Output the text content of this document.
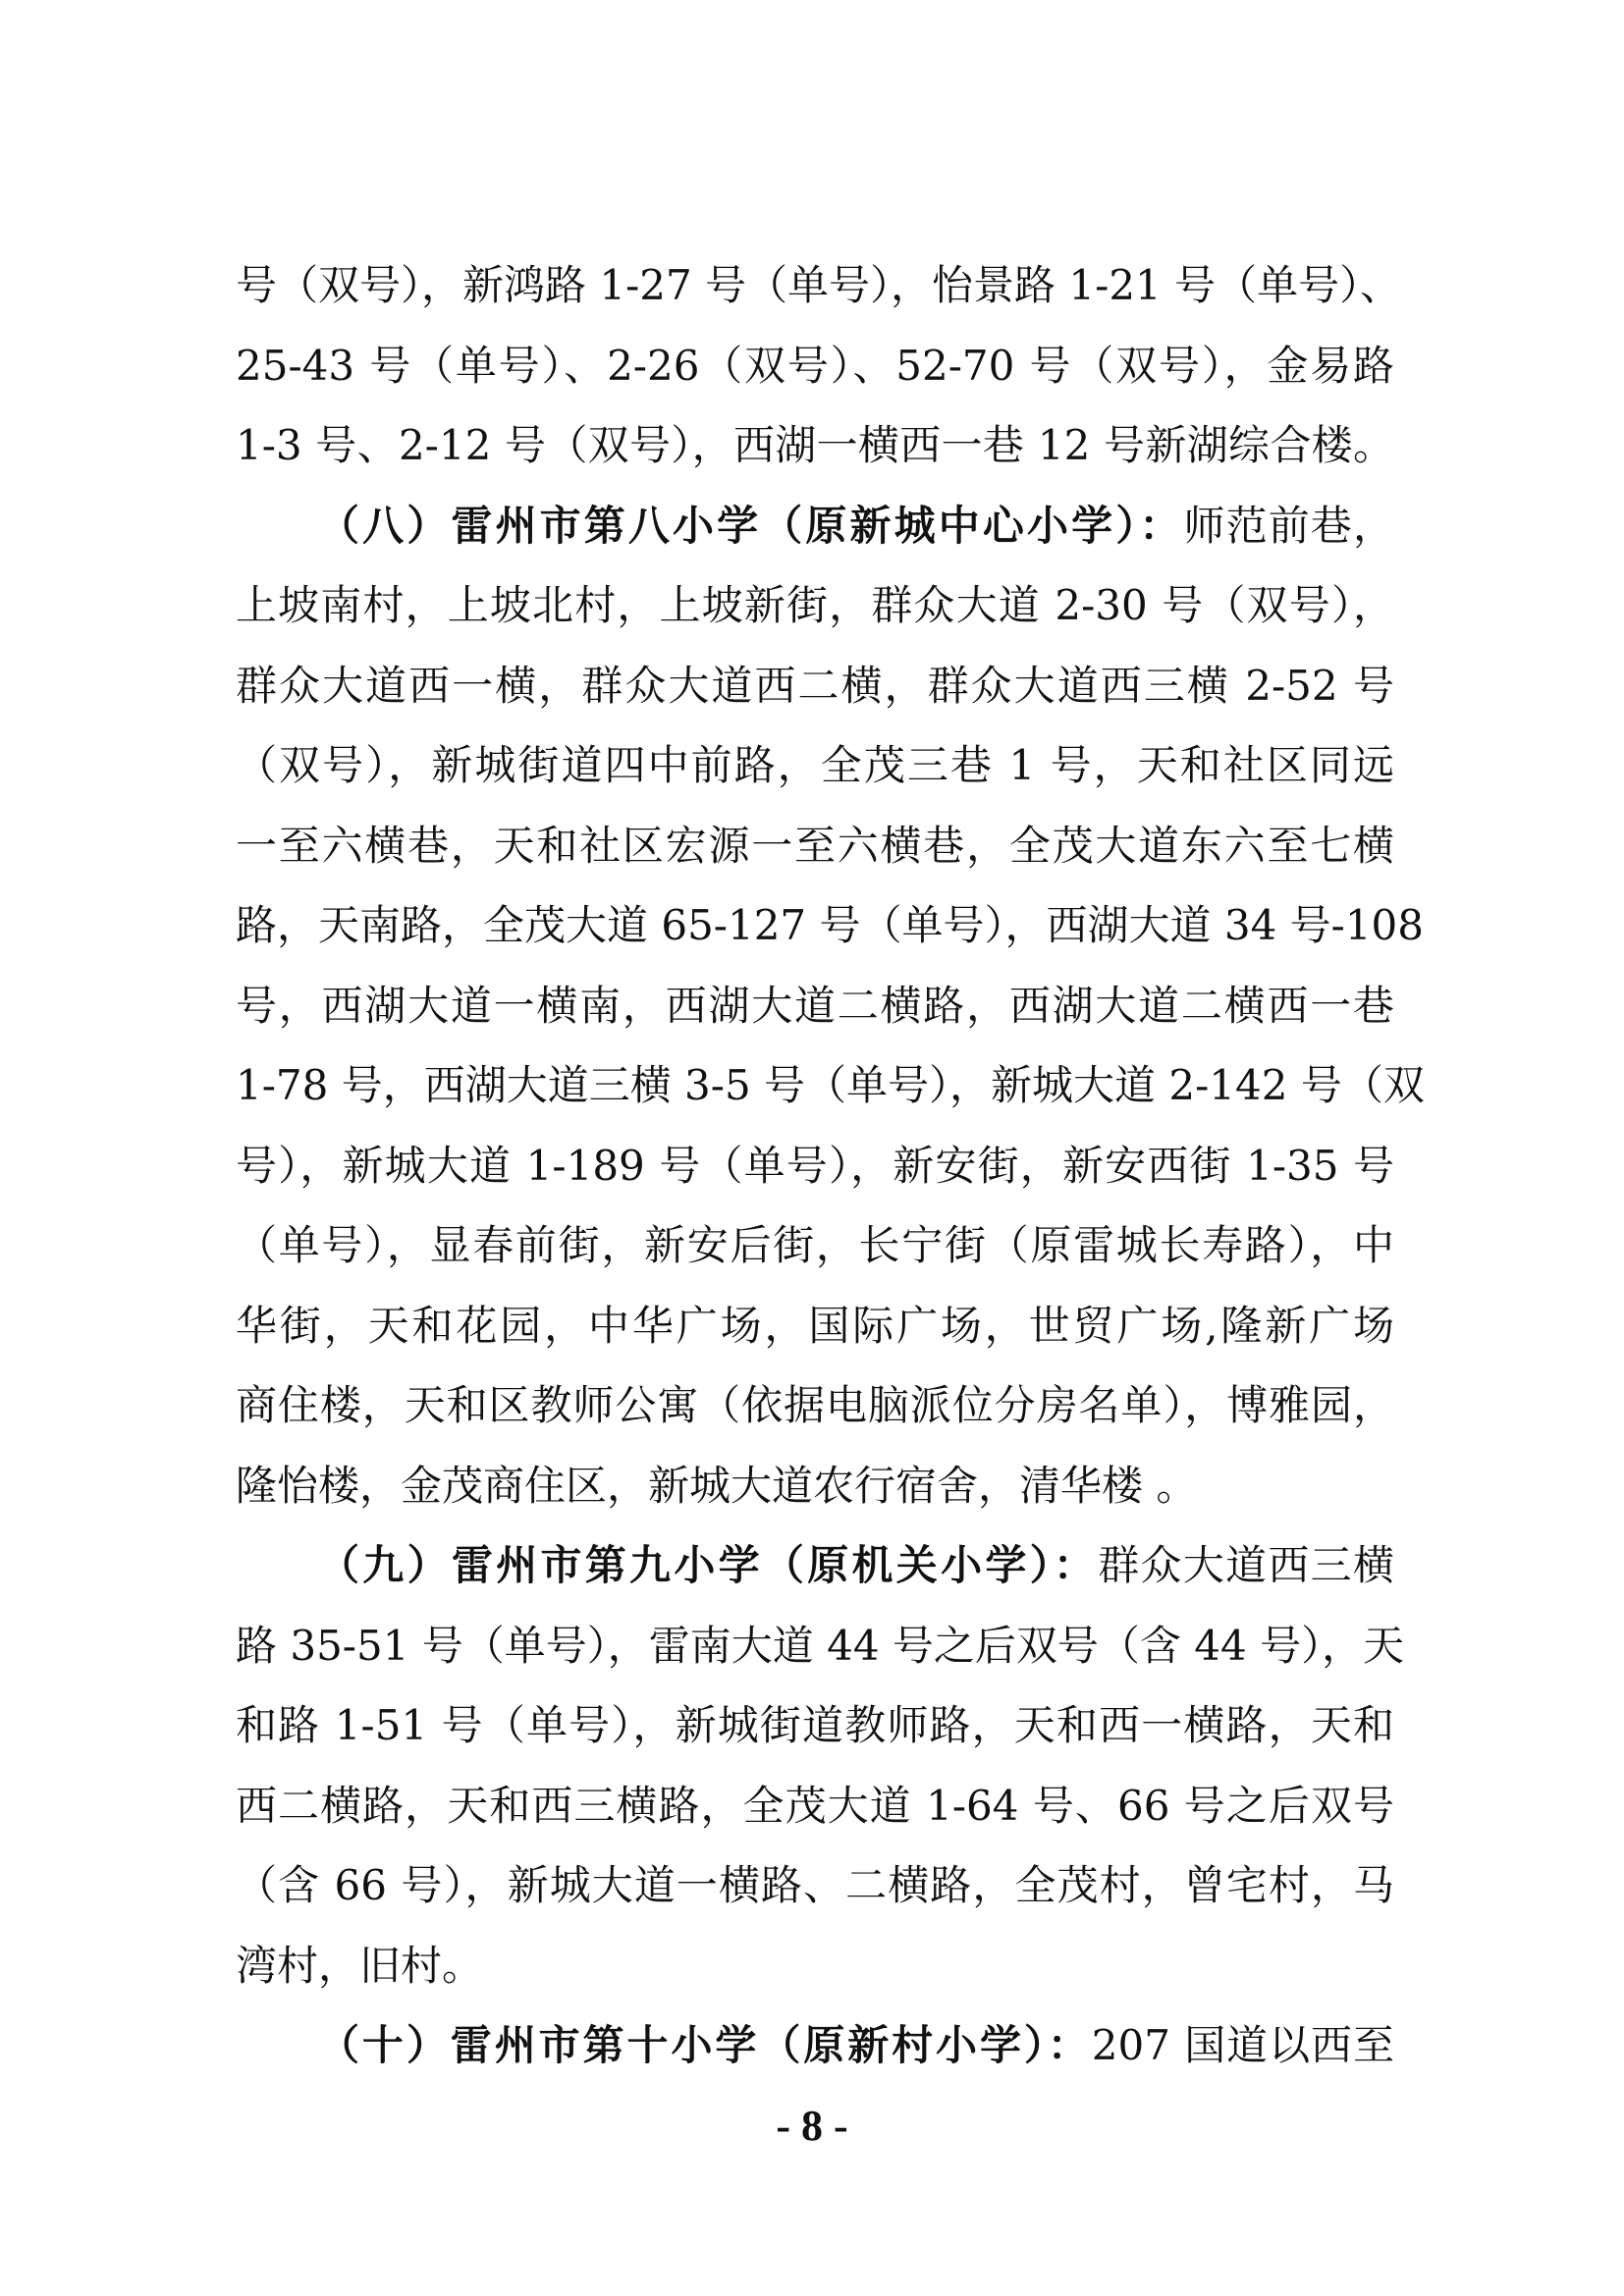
号（双号），新鸿路 1-27 号（单号），怡景路 1-21 号（单号）、
25-43 号（单号）、2-26（双号）、52-70 号（双号），金易路
1-3 号、2-12 号（双号），西湖一横西一巷 12 号新湖综合楼。
（八）雷州市第八小学（原新城中心小学）：师范前巷，
上坡南村，上坡北村，上坡新街，群众大道 2-30 号（双号），
群众大道西一横，群众大道西二横，群众大道西三横 2-52 号
（双号），新城街道四中前路，全茂三巷 1 号，天和社区同远
一至六横巷，天和社区宏源一至六横巷，全茂大道东六至七横
路，天南路，全茂大道 65-127 号（单号），西湖大道 34 号-108
号，西湖大道一横南，西湖大道二横路，西湖大道二横西一巷
1-78 号，西湖大道三横 3-5 号（单号），新城大道 2-142 号（双
号），新城大道 1-189 号（单号），新安街，新安西街 1-35 号
（单号），显春前街，新安后街，长宁街（原雷城长寿路），中
华街，天和花园，中华广场，国际广场，世贸广场,隆新广场
商住楼，天和区教师公寓（依据电脑派位分房名单），博雅园，
隆怡楼，金茂商住区，新城大道农行宿舍，清华楼 。
（九）雷州市第九小学（原机关小学）：群众大道西三横
路 35-51 号（单号），雷南大道 44 号之后双号（含 44 号），天
和路 1-51 号（单号），新城街道教师路，天和西一横路，天和
西二横路，天和西三横路，全茂大道 1-64 号、66 号之后双号
（含 66 号），新城大道一横路、二横路，全茂村，曾宅村，马
湾村，旧村。
（十）雷州市第十小学（原新村小学）：207 国道以西至
- 8 -
